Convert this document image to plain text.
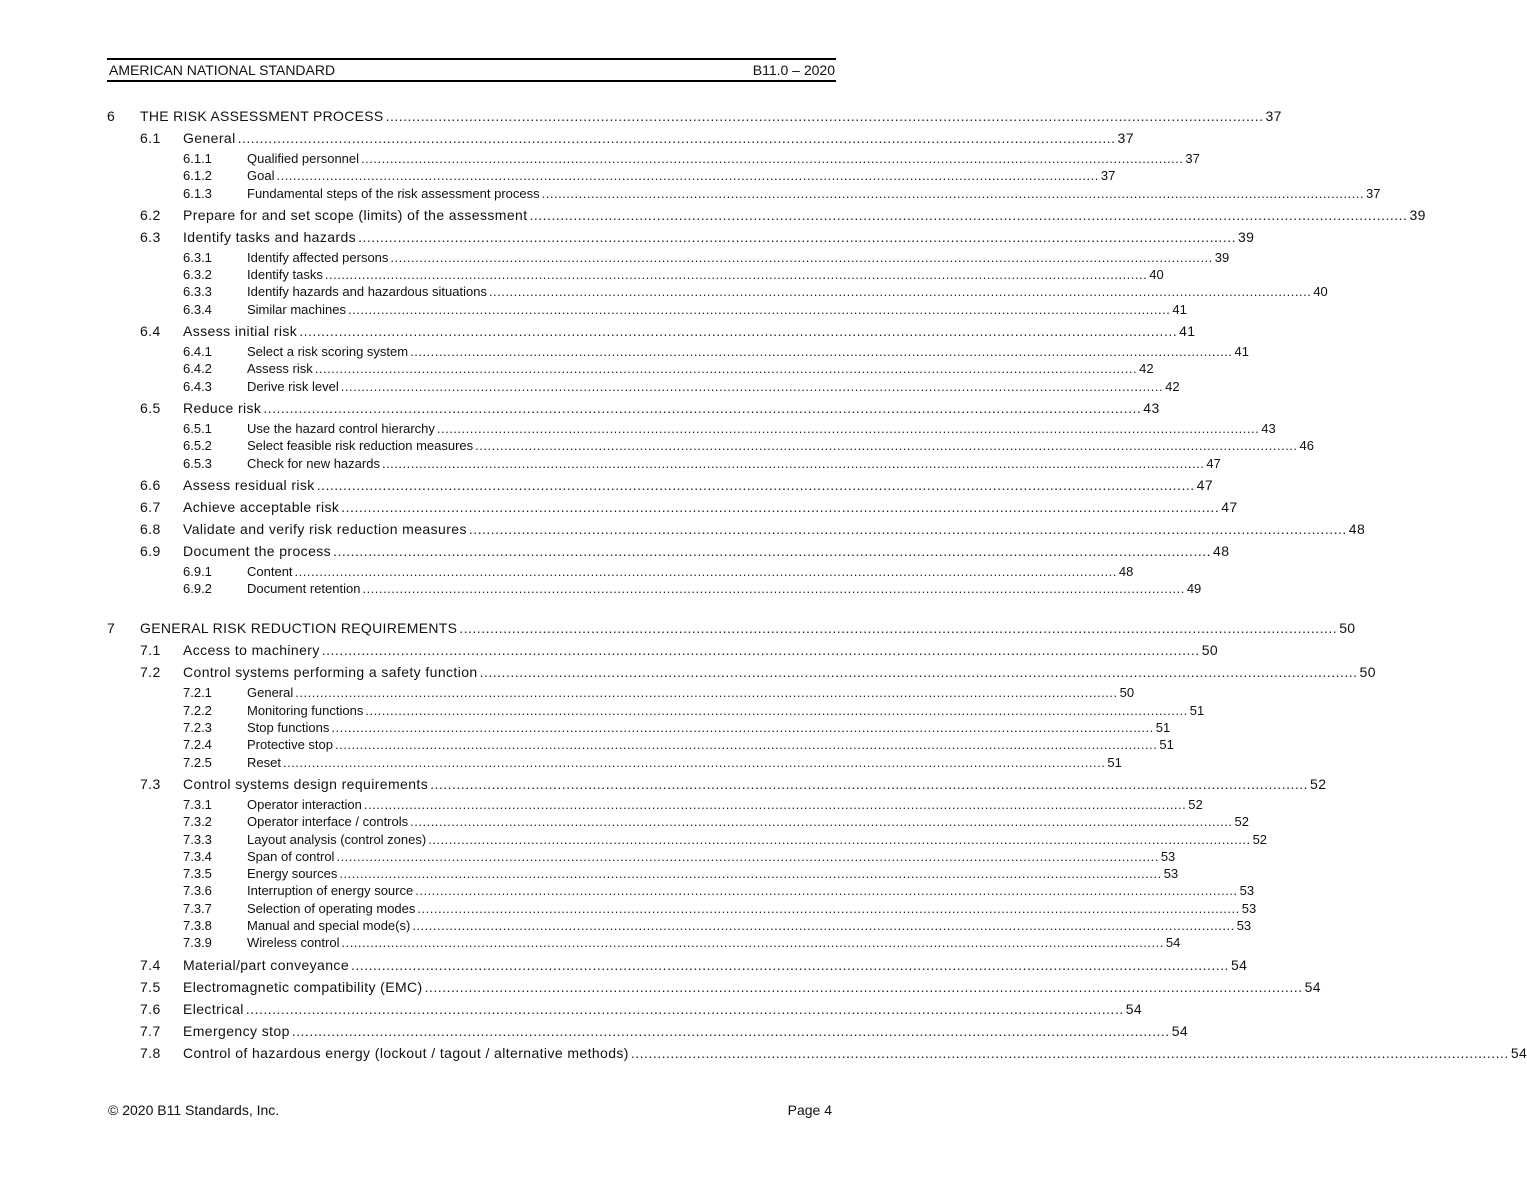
AMERICAN NATIONAL STANDARD	B11.0 – 2020
6	THE RISK ASSESSMENT PROCESS ........................................................................................................................................................................................................ 37
6.1	General ........................................................................................................................................................................................................ 37
6.1.1	Qualified personnel ........................................................................................................................................................................................................ 37
6.1.2	Goal ........................................................................................................................................................................................................ 37
6.1.3	Fundamental steps of the risk assessment process ........................................................................................................................................................................................................ 37
6.2	Prepare for and set scope (limits) of the assessment ........................................................................................................................................................................................................ 39
6.3	Identify tasks and hazards ........................................................................................................................................................................................................ 39
6.3.1	Identify affected persons ........................................................................................................................................................................................................ 39
6.3.2	Identify tasks ........................................................................................................................................................................................................ 40
6.3.3	Identify hazards and hazardous situations ........................................................................................................................................................................................................ 40
6.3.4	Similar machines ........................................................................................................................................................................................................ 41
6.4	Assess initial risk ........................................................................................................................................................................................................ 41
6.4.1	Select a risk scoring system ........................................................................................................................................................................................................ 41
6.4.2	Assess risk ........................................................................................................................................................................................................ 42
6.4.3	Derive risk level ........................................................................................................................................................................................................ 42
6.5	Reduce risk ........................................................................................................................................................................................................ 43
6.5.1	Use the hazard control hierarchy ........................................................................................................................................................................................................ 43
6.5.2	Select feasible risk reduction measures ........................................................................................................................................................................................................ 46
6.5.3	Check for new hazards ........................................................................................................................................................................................................ 47
6.6	Assess residual risk ........................................................................................................................................................................................................ 47
6.7	Achieve acceptable risk ........................................................................................................................................................................................................ 47
6.8	Validate and verify risk reduction measures ........................................................................................................................................................................................................ 48
6.9	Document the process ........................................................................................................................................................................................................ 48
6.9.1	Content ........................................................................................................................................................................................................ 48
6.9.2	Document retention ........................................................................................................................................................................................................ 49
7	GENERAL RISK REDUCTION REQUIREMENTS ........................................................................................................................................................................................................ 50
7.1	Access to machinery ........................................................................................................................................................................................................ 50
7.2	Control systems performing a safety function ........................................................................................................................................................................................................ 50
7.2.1	General ........................................................................................................................................................................................................ 50
7.2.2	Monitoring functions ........................................................................................................................................................................................................ 51
7.2.3	Stop functions ........................................................................................................................................................................................................ 51
7.2.4	Protective stop ........................................................................................................................................................................................................ 51
7.2.5	Reset ........................................................................................................................................................................................................ 51
7.3	Control systems design requirements ........................................................................................................................................................................................................ 52
7.3.1	Operator interaction ........................................................................................................................................................................................................ 52
7.3.2	Operator interface / controls ........................................................................................................................................................................................................ 52
7.3.3	Layout analysis (control zones) ........................................................................................................................................................................................................ 52
7.3.4	Span of control ........................................................................................................................................................................................................ 53
7.3.5	Energy sources ........................................................................................................................................................................................................ 53
7.3.6	Interruption of energy source ........................................................................................................................................................................................................ 53
7.3.7	Selection of operating modes ........................................................................................................................................................................................................ 53
7.3.8	Manual and special mode(s) ........................................................................................................................................................................................................ 53
7.3.9	Wireless control ........................................................................................................................................................................................................ 54
7.4	Material/part conveyance ........................................................................................................................................................................................................ 54
7.5	Electromagnetic compatibility (EMC) ........................................................................................................................................................................................................ 54
7.6	Electrical ........................................................................................................................................................................................................ 54
7.7	Emergency stop ........................................................................................................................................................................................................ 54
7.8	Control of hazardous energy (lockout / tagout / alternative methods) ........................................................................................................................................................................................................ 54
© 2020 B11 Standards, Inc.	Page 4
